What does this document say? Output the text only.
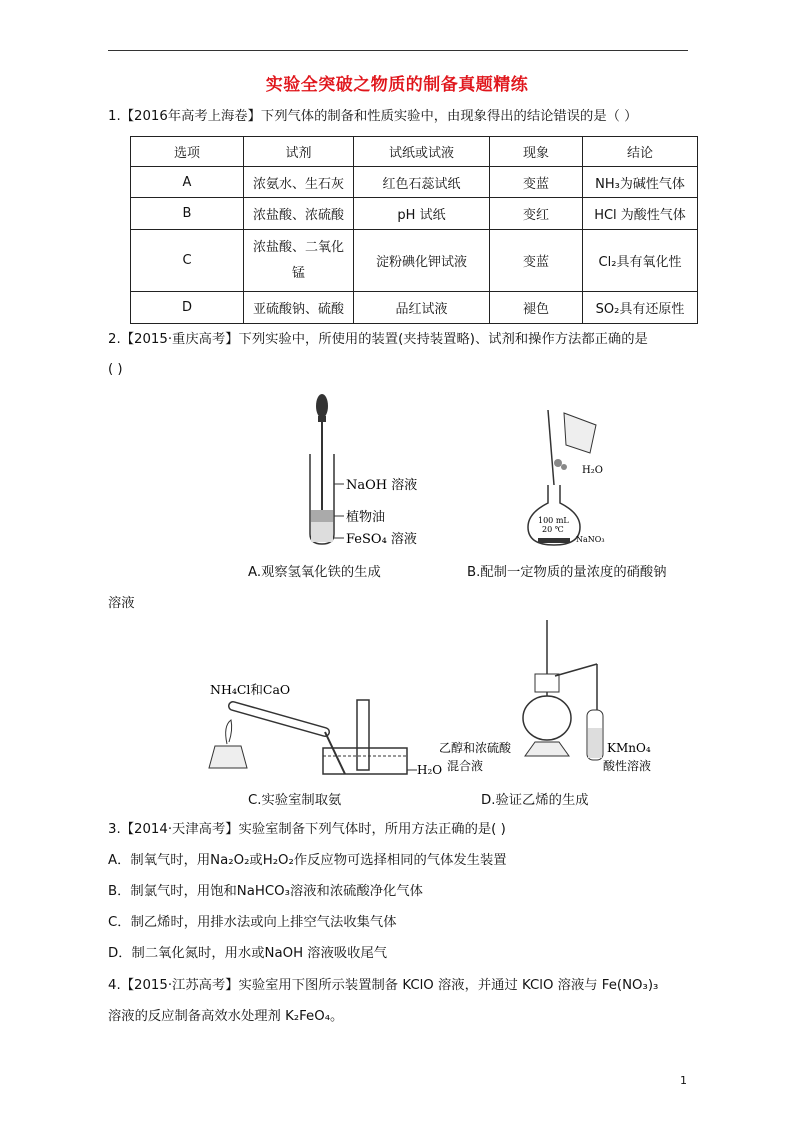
实验全突破之物质的制备真题精练
1.【2016年高考上海卷】下列气体的制备和性质实验中，由现象得出的结论错误的是（ ）
选项	试剂	试纸或试液	现象	结论
A	浓氨水、生石灰	红色石蕊试纸	变蓝	NH₃为碱性气体
B	浓盐酸、浓硫酸	pH 试纸	变红	HCl 为酸性气体
C	浓盐酸、二氧化锰	淀粉碘化钾试液	变蓝	Cl₂具有氧化性
D	亚硫酸钠、硫酸	品红试液	褪色	SO₂具有还原性
2.【2015·重庆高考】下列实验中，所使用的装置(夹持装置略)、试剂和操作方法都正确的是
( )
NaOH 溶液
植物油
FeSO₄ 溶液
A.观察氢氧化铁的生成
H₂O
100 mL
20 ℃
NaNO₃
B.配制一定物质的量浓度的硝酸钠
溶液
NH₄Cl和CaO
H₂O
C.实验室制取氨
乙醇和浓硫酸
混合液
KMnO₄
酸性溶液
D.验证乙烯的生成
3.【2014·天津高考】实验室制备下列气体时，所用方法正确的是( )
A．制氧气时，用Na₂O₂或H₂O₂作反应物可选择相同的气体发生装置
B．制氯气时，用饱和NaHCO₃溶液和浓硫酸净化气体
C．制乙烯时，用排水法或向上排空气法收集气体
D．制二氧化氮时，用水或NaOH 溶液吸收尾气
4.【2015·江苏高考】实验室用下图所示装置制备 KClO 溶液，并通过 KClO 溶液与 Fe(NO₃)₃
溶液的反应制备高效水处理剂 K₂FeO₄。
1
